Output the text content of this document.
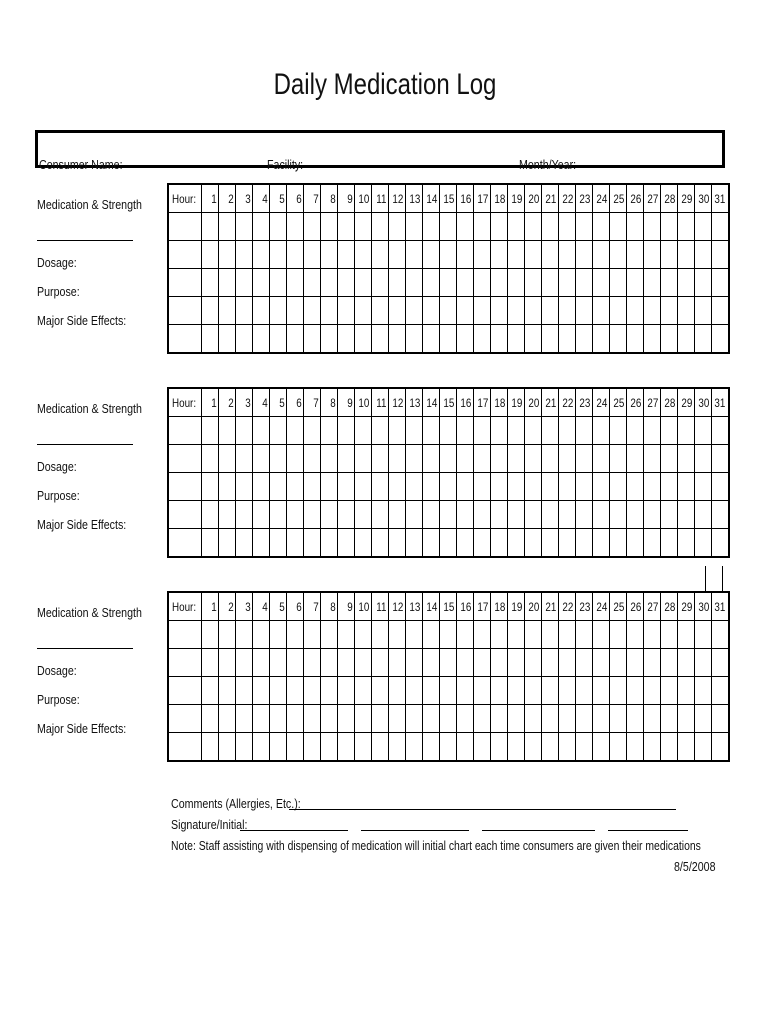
Daily Medication Log
Consumer Name:	Facility:	Month/Year:
Medication & Strength
Dosage:
Purpose:
Major Side Effects:
Hour:	1	2	3	4	5	6	7	8	9	10	11	12	13	14	15	16	17	18	19	20	21	22	23	24	25	26	27	28	29	30	31

Medication & Strength
Dosage:
Purpose:
Major Side Effects:
Hour:	1	2	3	4	5	6	7	8	9	10	11	12	13	14	15	16	17	18	19	20	21	22	23	24	25	26	27	28	29	30	31

Medication & Strength
Dosage:
Purpose:
Major Side Effects:
Hour:	1	2	3	4	5	6	7	8	9	10	11	12	13	14	15	16	17	18	19	20	21	22	23	24	25	26	27	28	29	30	31

Comments (Allergies, Etc.):
Signature/Initial:
Note: Staff assisting with dispensing of medication will initial chart each time consumers are given their medications
8/5/2008
